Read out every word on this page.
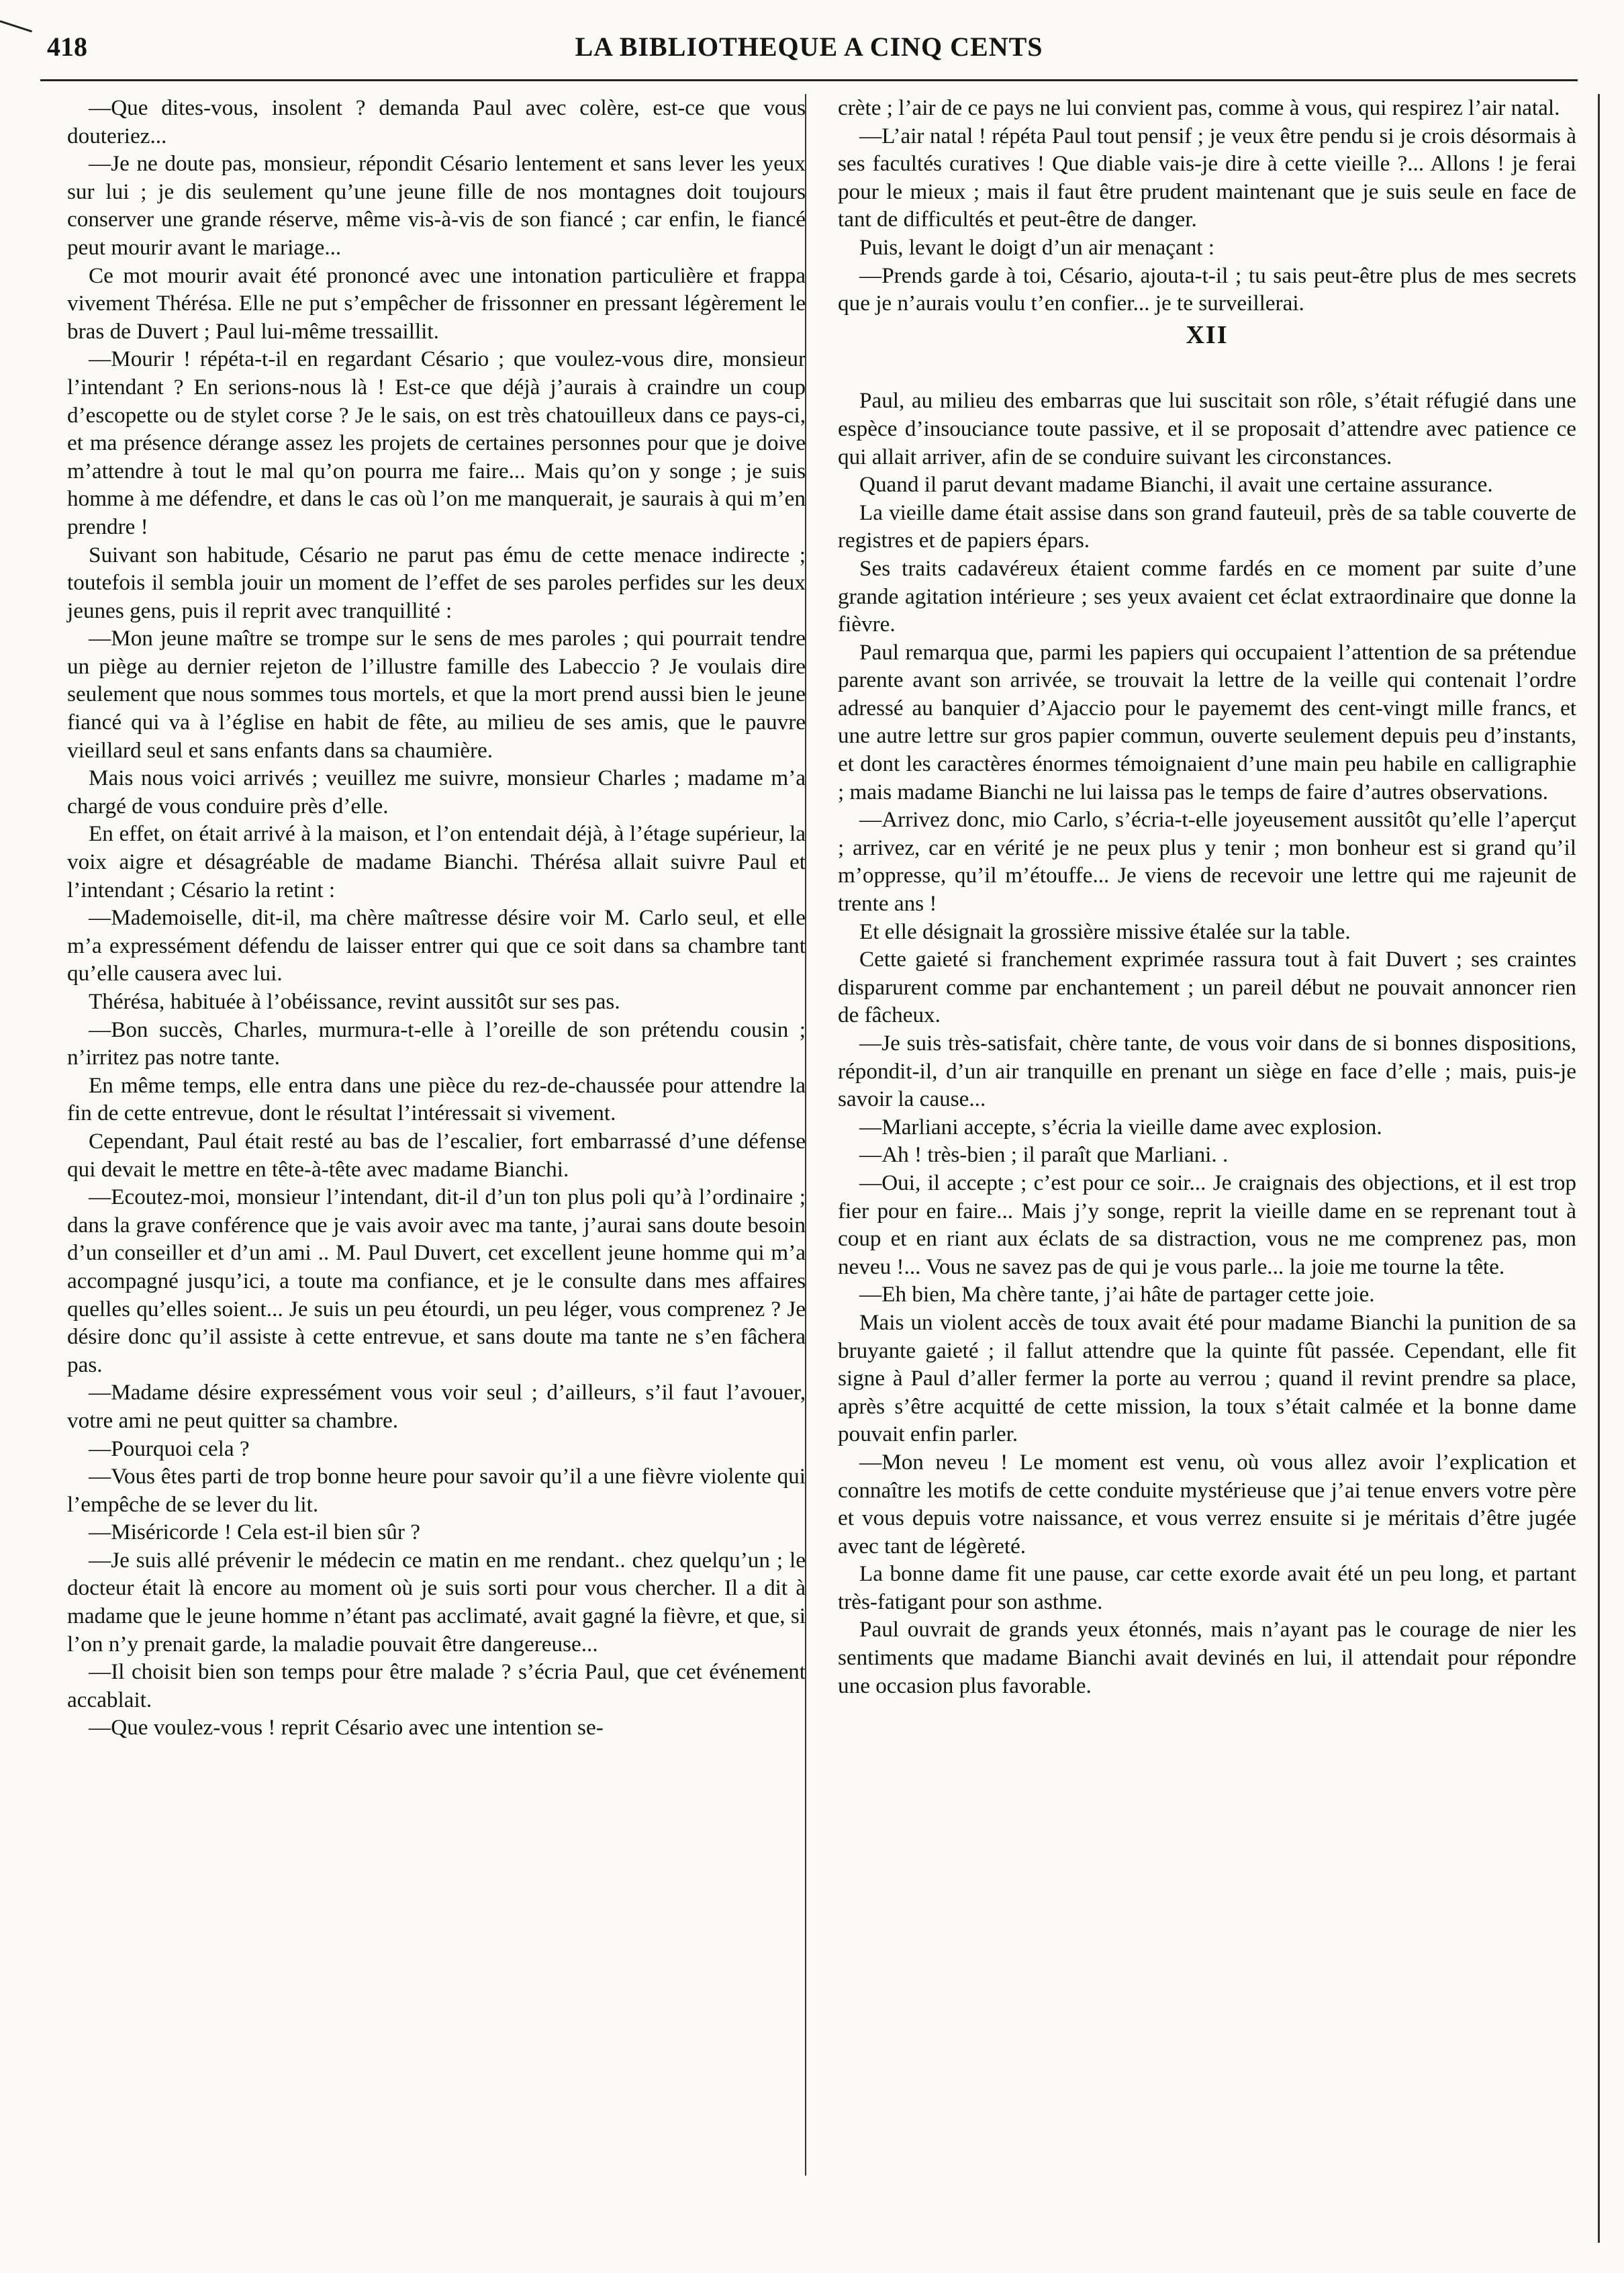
418	LA BIBLIOTHEQUE A CINQ CENTS

—Que dites-vous, insolent ? demanda Paul avec colère, est-ce que vous douteriez...

—Je ne doute pas, monsieur, répondit Césario lentement et sans lever les yeux sur lui ; je dis seulement qu’une jeune fille de nos montagnes doit toujours conserver une grande réserve, même vis-à-vis de son fiancé ; car enfin, le fiancé peut mourir avant le mariage...

Ce mot mourir avait été prononcé avec une intonation particulière et frappa vivement Thérésa. Elle ne put s’empêcher de frissonner en pressant légèrement le bras de Duvert ; Paul lui-même tressaillit.

—Mourir ! répéta-t-il en regardant Césario ; que voulez-vous dire, monsieur l’intendant ? En serions-nous là ! Est-ce que déjà j’aurais à craindre un coup d’escopette ou de stylet corse ? Je le sais, on est très chatouilleux dans ce pays-ci, et ma présence dérange assez les projets de certaines personnes pour que je doive m’attendre à tout le mal qu’on pourra me faire... Mais qu’on y songe ; je suis homme à me défendre, et dans le cas où l’on me manquerait, je saurais à qui m’en prendre !

Suivant son habitude, Césario ne parut pas ému de cette menace indirecte ; toutefois il sembla jouir un moment de l’effet de ses paroles perfides sur les deux jeunes gens, puis il reprit avec tranquillité :

—Mon jeune maître se trompe sur le sens de mes paroles ; qui pourrait tendre un piège au dernier rejeton de l’illustre famille des Labeccio ? Je voulais dire seulement que nous sommes tous mortels, et que la mort prend aussi bien le jeune fiancé qui va à l’église en habit de fête, au milieu de ses amis, que le pauvre vieillard seul et sans enfants dans sa chaumière.

Mais nous voici arrivés ; veuillez me suivre, monsieur Charles ; madame m’a chargé de vous conduire près d’elle.

En effet, on était arrivé à la maison, et l’on entendait déjà, à l’étage supérieur, la voix aigre et désagréable de madame Bianchi. Thérésa allait suivre Paul et l’intendant ; Césario la retint :

—Mademoiselle, dit-il, ma chère maîtresse désire voir M. Carlo seul, et elle m’a expressément défendu de laisser entrer qui que ce soit dans sa chambre tant qu’elle causera avec lui.

Thérésa, habituée à l’obéissance, revint aussitôt sur ses pas.

—Bon succès, Charles, murmura-t-elle à l’oreille de son prétendu cousin ; n’irritez pas notre tante.

En même temps, elle entra dans une pièce du rez-de-chaussée pour attendre la fin de cette entrevue, dont le résultat l’intéressait si vivement.

Cependant, Paul était resté au bas de l’escalier, fort embarrassé d’une défense qui devait le mettre en tête-à-tête avec madame Bianchi.

—Ecoutez-moi, monsieur l’intendant, dit-il d’un ton plus poli qu’à l’ordinaire ; dans la grave conférence que je vais avoir avec ma tante, j’aurai sans doute besoin d’un conseiller et d’un ami .. M. Paul Duvert, cet excellent jeune homme qui m’a accompagné jusqu’ici, a toute ma confiance, et je le consulte dans mes affaires quelles qu’elles soient... Je suis un peu étourdi, un peu léger, vous comprenez ? Je désire donc qu’il assiste à cette entrevue, et sans doute ma tante ne s’en fâchera pas.

—Madame désire expressément vous voir seul ; d’ailleurs, s’il faut l’avouer, votre ami ne peut quitter sa chambre.

—Pourquoi cela ?

—Vous êtes parti de trop bonne heure pour savoir qu’il a une fièvre violente qui l’empêche de se lever du lit.

—Miséricorde ! Cela est-il bien sûr ?

—Je suis allé prévenir le médecin ce matin en me rendant.. chez quelqu’un ; le docteur était là encore au moment où je suis sorti pour vous chercher. Il a dit à madame que le jeune homme n’étant pas acclimaté, avait gagné la fièvre, et que, si l’on n’y prenait garde, la maladie pouvait être dangereuse...

—Il choisit bien son temps pour être malade ? s’écria Paul, que cet événement accablait.

—Que voulez-vous ! reprit Césario avec une intention se-

crète ; l’air de ce pays ne lui convient pas, comme à vous, qui respirez l’air natal.

—L’air natal ! répéta Paul tout pensif ; je veux être pendu si je crois désormais à ses facultés curatives ! Que diable vais-je dire à cette vieille ?... Allons ! je ferai pour le mieux ; mais il faut être prudent maintenant que je suis seule en face de tant de difficultés et peut-être de danger.

Puis, levant le doigt d’un air menaçant :

—Prends garde à toi, Césario, ajouta-t-il ; tu sais peut-être plus de mes secrets que je n’aurais voulu t’en confier... je te surveillerai.

XII

Paul, au milieu des embarras que lui suscitait son rôle, s’était réfugié dans une espèce d’insouciance toute passive, et il se proposait d’attendre avec patience ce qui allait arriver, afin de se conduire suivant les circonstances.

Quand il parut devant madame Bianchi, il avait une certaine assurance.

La vieille dame était assise dans son grand fauteuil, près de sa table couverte de registres et de papiers épars.

Ses traits cadavéreux étaient comme fardés en ce moment par suite d’une grande agitation intérieure ; ses yeux avaient cet éclat extraordinaire que donne la fièvre.

Paul remarqua que, parmi les papiers qui occupaient l’attention de sa prétendue parente avant son arrivée, se trouvait la lettre de la veille qui contenait l’ordre adressé au banquier d’Ajaccio pour le payememt des cent-vingt mille francs, et une autre lettre sur gros papier commun, ouverte seulement depuis peu d’instants, et dont les caractères énormes témoignaient d’une main peu habile en calligraphie ; mais madame Bianchi ne lui laissa pas le temps de faire d’autres observations.

—Arrivez donc, mio Carlo, s’écria-t-elle joyeusement aussitôt qu’elle l’aperçut ; arrivez, car en vérité je ne peux plus y tenir ; mon bonheur est si grand qu’il m’oppresse, qu’il m’étouffe... Je viens de recevoir une lettre qui me rajeunit de trente ans !

Et elle désignait la grossière missive étalée sur la table.

Cette gaieté si franchement exprimée rassura tout à fait Duvert ; ses craintes disparurent comme par enchantement ; un pareil début ne pouvait annoncer rien de fâcheux.

—Je suis très-satisfait, chère tante, de vous voir dans de si bonnes dispositions, répondit-il, d’un air tranquille en prenant un siège en face d’elle ; mais, puis-je savoir la cause...

—Marliani accepte, s’écria la vieille dame avec explosion.

—Ah ! très-bien ; il paraît que Marliani. .

—Oui, il accepte ; c’est pour ce soir... Je craignais des objections, et il est trop fier pour en faire... Mais j’y songe, reprit la vieille dame en se reprenant tout à coup et en riant aux éclats de sa distraction, vous ne me comprenez pas, mon neveu !... Vous ne savez pas de qui je vous parle... la joie me tourne la tête.

—Eh bien, Ma chère tante, j’ai hâte de partager cette joie.

Mais un violent accès de toux avait été pour madame Bianchi la punition de sa bruyante gaieté ; il fallut attendre que la quinte fût passée. Cependant, elle fit signe à Paul d’aller fermer la porte au verrou ; quand il revint prendre sa place, après s’être acquitté de cette mission, la toux s’était calmée et la bonne dame pouvait enfin parler.

—Mon neveu ! Le moment est venu, où vous allez avoir l’explication et connaître les motifs de cette conduite mystérieuse que j’ai tenue envers votre père et vous depuis votre naissance, et vous verrez ensuite si je méritais d’être jugée avec tant de légèreté.

La bonne dame fit une pause, car cette exorde avait été un peu long, et partant très-fatigant pour son asthme.

Paul ouvrait de grands yeux étonnés, mais n’ayant pas le courage de nier les sentiments que madame Bianchi avait devinés en lui, il attendait pour répondre une occasion plus favorable.
